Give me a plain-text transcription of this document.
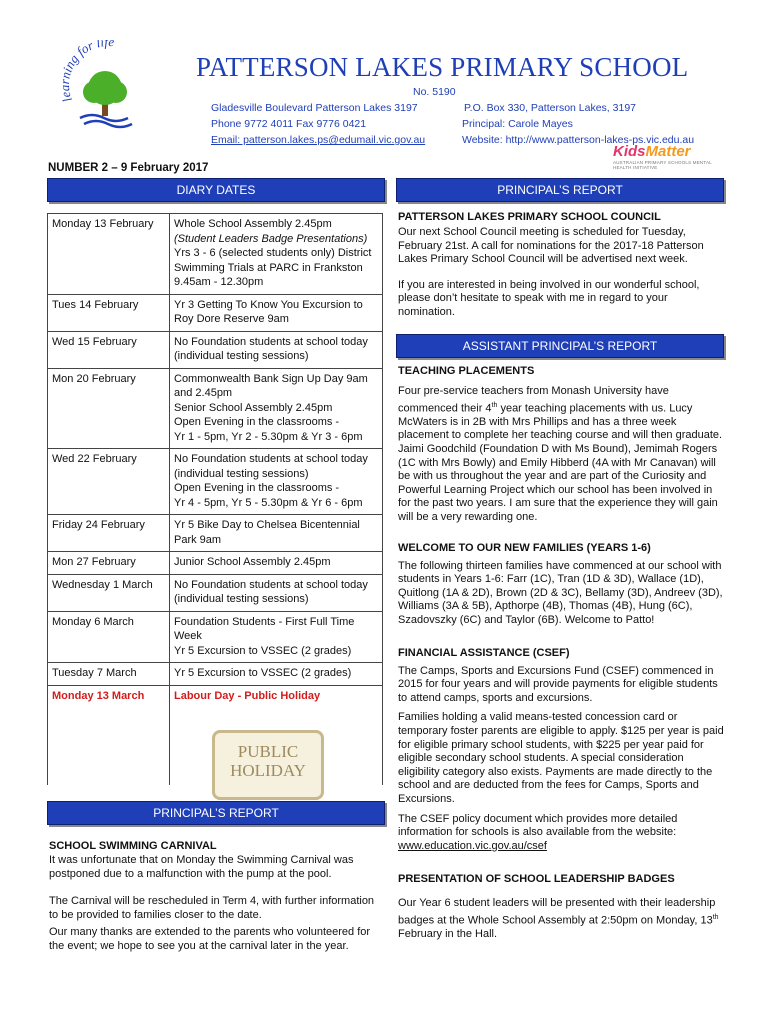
learning for life
PATTERSON LAKES PRIMARY SCHOOL
No. 5190
Gladesville Boulevard Patterson Lakes 3197	P.O. Box 330, Patterson Lakes, 3197
Phone 9772 4011 Fax 9776 0421	Principal: Carole Mayes
Email: patterson.lakes.ps@edumail.vic.gov.au	Website: http://www.patterson-lakes-ps.vic.edu.au
KidsMatter
AUSTRALIAN PRIMARY SCHOOLS MENTAL HEALTH INITIATIVE
NUMBER 2 – 9 February 2017
DIARY DATES
Monday 13 February	Whole School Assembly 2.45pm
(Student Leaders Badge Presentations)
Yrs 3 - 6 (selected students only) District Swimming Trials at PARC in Frankston
9.45am - 12.30pm

Tues 14 February	Yr 3 Getting To Know You Excursion to Roy Dore Reserve 9am

Wed 15 February	No Foundation students at school today (individual testing sessions)

Mon 20 February	Commonwealth Bank Sign Up Day 9am and 2.45pm
Senior School Assembly 2.45pm
Open Evening in the classrooms -
Yr 1 - 5pm, Yr 2 - 5.30pm & Yr 3 - 6pm

Wed 22 February	No Foundation students at school today (individual testing sessions)
Open Evening in the classrooms -
Yr 4 - 5pm, Yr 5 - 5.30pm & Yr 6 - 6pm

Friday 24 February	Yr 5 Bike Day to Chelsea Bicentennial Park 9am

Mon 27 February	Junior School Assembly 2.45pm

Wednesday 1 March	No Foundation students at school today (individual testing sessions)

Monday 6 March	Foundation Students - First Full Time Week
Yr 5 Excursion to VSSEC (2 grades)

Tuesday 7 March	Yr 5 Excursion to VSSEC (2 grades)

Monday 13 March	Labour Day - Public Holiday
PUBLIC
HOLIDAY
PRINCIPAL’S REPORT
SCHOOL SWIMMING CARNIVAL
It was unfortunate that on Monday the Swimming Carnival was postponed due to a malfunction with the pump at the pool.
The Carnival will be rescheduled in Term 4, with further information to be provided to families closer to the date.
Our many thanks are extended to the parents who volunteered for the event; we hope to see you at the carnival later in the year.
PRINCIPAL’S REPORT
PATTERSON LAKES PRIMARY SCHOOL COUNCIL
Our next School Council meeting is scheduled for Tuesday, February 21st. A call for nominations for the 2017-18 Patterson Lakes Primary School Council will be advertised next week.
If you are interested in being involved in our wonderful school, please don’t hesitate to speak with me in regard to your nomination.
ASSISTANT PRINCIPAL’S REPORT
TEACHING PLACEMENTS
Four pre-service teachers from Monash University have commenced their 4th year teaching placements with us. Lucy McWaters is in 2B with Mrs Phillips and has a three week placement to complete her teaching course and will then graduate. Jaimi Goodchild (Foundation D with Ms Bound), Jemimah Rogers (1C with Mrs Bowly) and Emily Hibberd (4A with Mr Canavan) will be with us throughout the year and are part of the Curiosity and Powerful Learning Project which our school has been involved in for the past two years. I am sure that the experience they will gain will be a very rewarding one.
WELCOME TO OUR NEW FAMILIES (YEARS 1-6)
The following thirteen families have commenced at our school with students in Years 1-6: Farr (1C), Tran (1D & 3D), Wallace (1D), Quitlong (1A & 2D), Brown (2D & 3C), Bellamy (3D), Andreev (3D), Williams (3A & 5B), Apthorpe (4B), Thomas (4B), Hung (6C), Szadovszky (6C) and Taylor (6B). Welcome to Patto!
FINANCIAL ASSISTANCE (CSEF)
The Camps, Sports and Excursions Fund (CSEF) commenced in 2015 for four years and will provide payments for eligible students to attend camps, sports and excursions.
Families holding a valid means-tested concession card or temporary foster parents are eligible to apply. $125 per year is paid for eligible primary school students, with $225 per year paid for eligible secondary school students. A special consideration eligibility category also exists. Payments are made directly to the school and are deducted from the fees for Camps, Sports and Excursions.
The CSEF policy document which provides more detailed information for schools is also available from the website:
www.education.vic.gov.au/csef
PRESENTATION OF SCHOOL LEADERSHIP BADGES
Our Year 6 student leaders will be presented with their leadership badges at the Whole School Assembly at 2:50pm on Monday, 13th February in the Hall.
